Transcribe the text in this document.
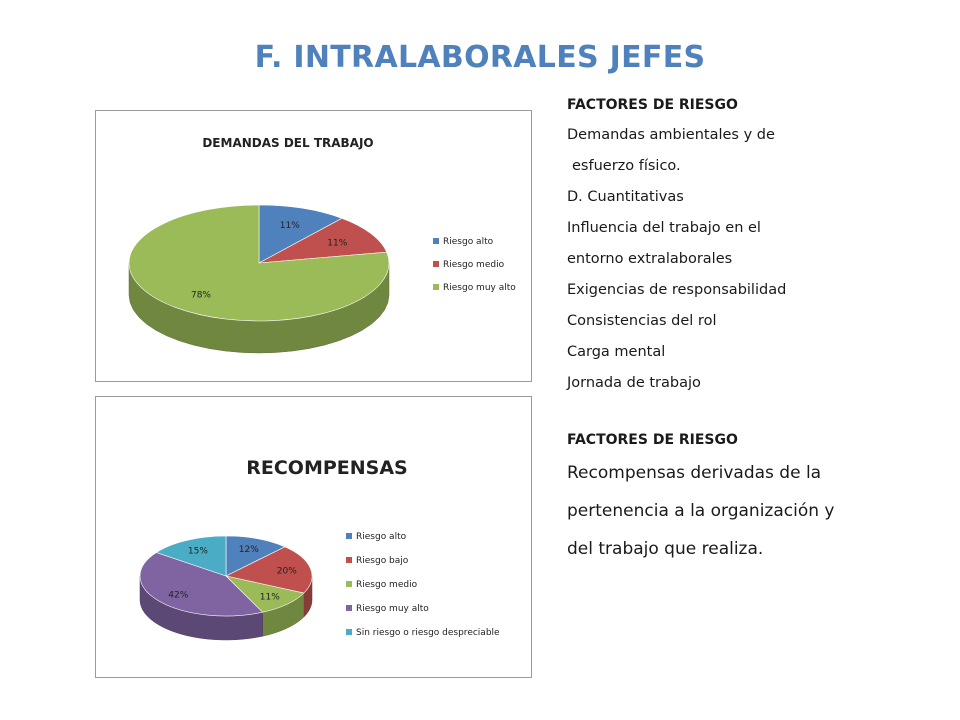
F. INTRALABORALES JEFES
11%
11%
78%
DEMANDAS DEL TRABAJO
Riesgo alto
Riesgo medio
Riesgo muy alto
12%
20%
11%
42%
15%
RECOMPENSAS
Riesgo alto
Riesgo bajo
Riesgo medio
Riesgo muy alto
Sin riesgo o riesgo despreciable
FACTORES DE RIESGO
Demandas ambientales y de
esfuerzo físico.
D. Cuantitativas
Influencia del trabajo en el
entorno extralaborales
Exigencias de responsabilidad
Consistencias del rol
Carga mental
Jornada de trabajo
FACTORES DE RIESGO
Recompensas derivadas de la
pertenencia a la organización y
del trabajo que realiza.
